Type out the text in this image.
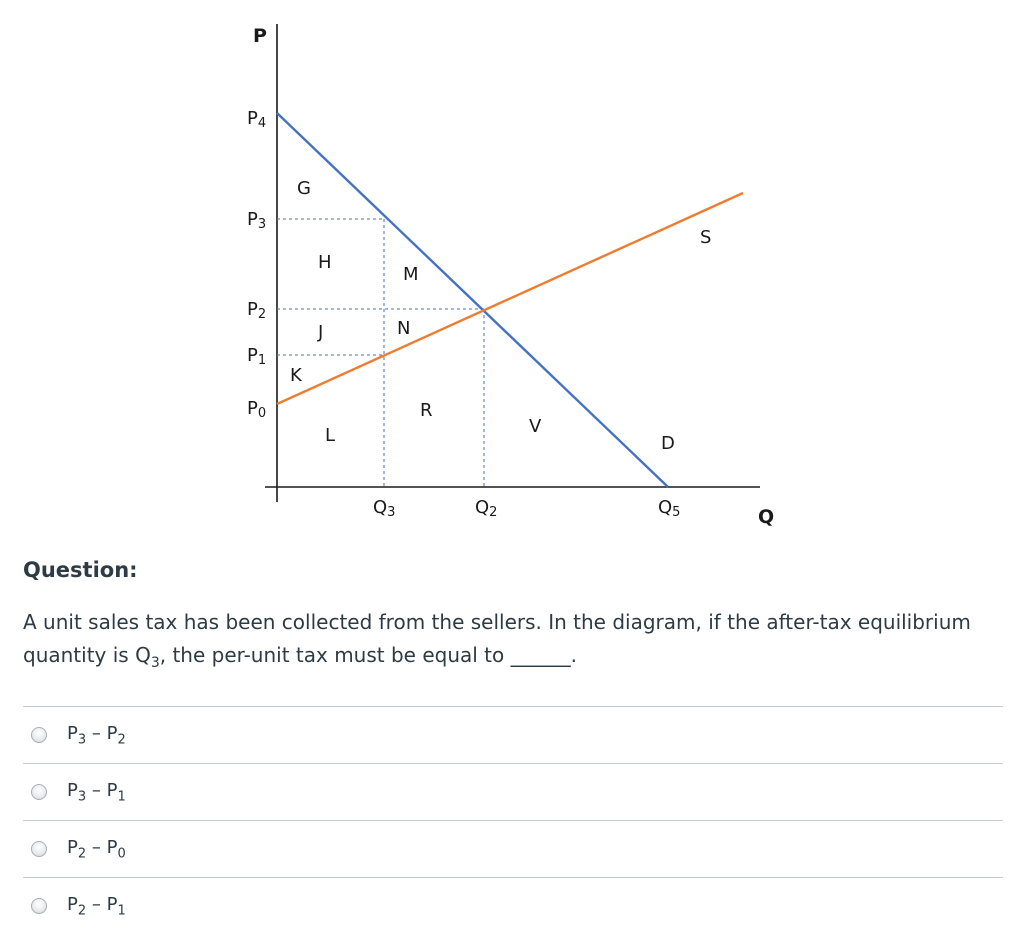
P
Q
P4
P3
P2
P1
P0
Q3	Q2	Q5
G
H
J
K
L
M
N
R
V
S
D
Question:

A unit sales tax has been collected from the sellers. In the diagram, if the after-tax equilibrium
quantity is $Q_3$, the per-unit tax must be equal to ______.

$P_3 - P_2$
$P_3 - P_1$
$P_2 - P_0$
$P_2 - P_1$
